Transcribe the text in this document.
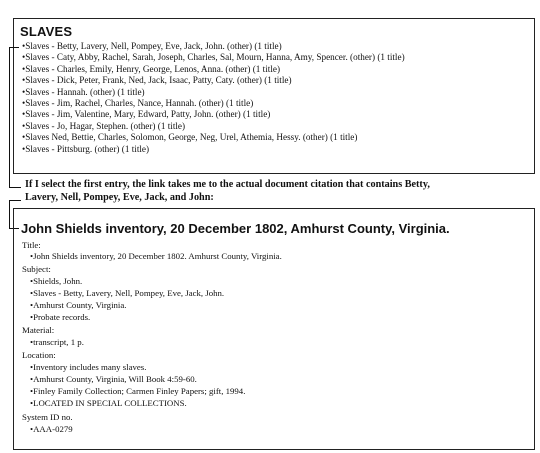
SLAVES
•Slaves - Betty, Lavery, Nell, Pompey, Eve, Jack, John. (other) (1 title)
•Slaves - Caty, Abby, Rachel, Sarah, Joseph, Charles, Sal, Mourn, Hanna, Amy, Spencer. (other) (1 title)
•Slaves - Charles, Emily, Henry, George, Lenos, Anna. (other) (1 title)
•Slaves - Dick, Peter, Frank, Ned, Jack, Isaac, Patty, Caty. (other) (1 title)
•Slaves - Hannah. (other) (1 title)
•Slaves - Jim, Rachel, Charles, Nance, Hannah. (other) (1 title)
•Slaves - Jim, Valentine, Mary, Edward, Patty, John. (other) (1 title)
•Slaves - Jo, Hagar, Stephen. (other) (1 title)
•Slaves Ned, Bettie, Charles, Solomon, George, Neg, Urel, Athemia, Hessy. (other) (1 title)
•Slaves - Pittsburg. (other) (1 title)
If I select the first entry, the link takes me to the actual document citation that contains Betty,
Lavery, Nell, Pompey, Eve, Jack, and John:
John Shields inventory, 20 December 1802, Amhurst County, Virginia.
Title:
•John Shields inventory, 20 December 1802. Amhurst County, Virginia.
Subject:
•Shields, John.
•Slaves - Betty, Lavery, Nell, Pompey, Eve, Jack, John.
•Amhurst County, Virginia.
•Probate records.
Material:
•transcript, 1 p.
Location:
•Inventory includes many slaves.
•Amhurst County, Virginia, Will Book 4:59-60.
•Finley Family Collection; Carmen Finley Papers; gift, 1994.
•LOCATED IN SPECIAL COLLECTIONS.
System ID no.
•AAA-0279
